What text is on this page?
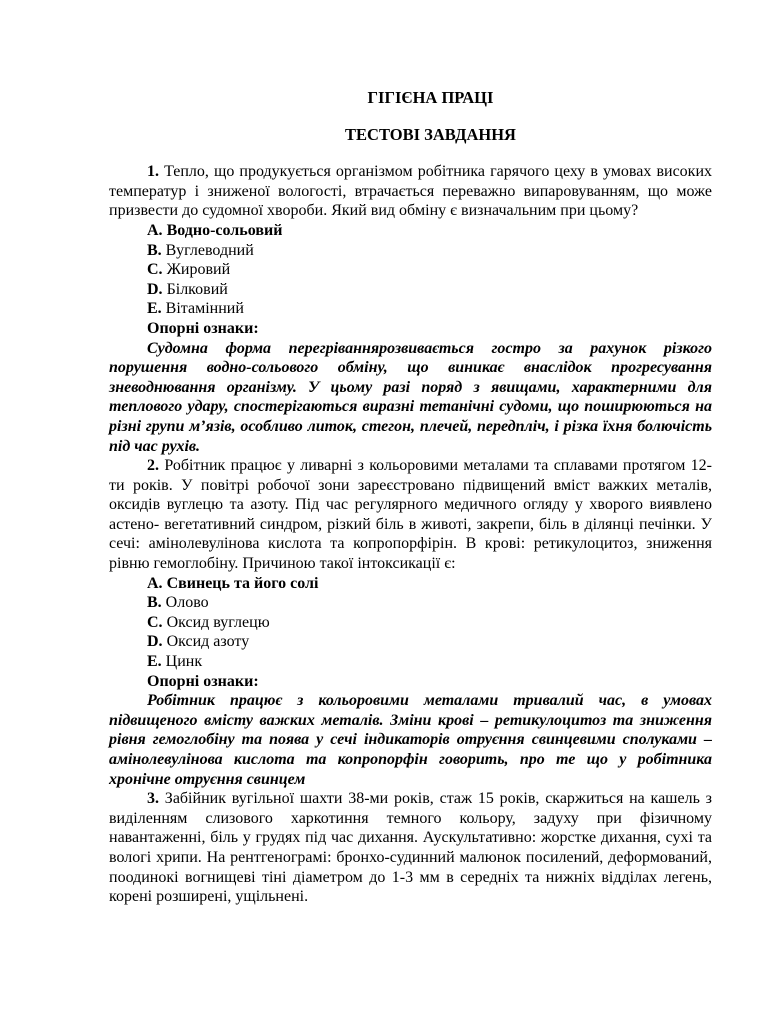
ГІГІЄНА ПРАЦІ

ТЕСТОВІ ЗАВДАННЯ

1. Тепло, що продукується організмом робітника гарячого цеху в умовах високих температур і зниженої вологості, втрачається переважно випаровуванням, що може призвести до судомної хвороби. Який вид обміну є визначальним при цьому?

А. Водно-сольовий

B. Вуглеводний

C. Жировий

D. Білковий

E. Вітамінний

Опорні ознаки:

Судомна форма перегріваннярозвивається гостро за рахунок різкого порушення водно-сольового обміну, що виникає внаслідок прогресування зневоднювання організму. У цьому разі поряд з явищами, характерними для теплового удару, спостерігаються виразні тетанічні судоми, що поширюються на різні групи м’язів, особливо литок, стегон, плечей, передпліч, і різка їхня болючість під час рухів.

2. Робітник працює у ливарні з кольоровими металами та сплавами протягом 12-ти років. У повітрі робочої зони зареєстровано підвищений вміст важких металів, оксидів вуглецю та азоту. Під час регулярного медичного огляду у хворого виявлено астено- вегетативний синдром, різкий біль в животі, закрепи, біль в ділянці печінки. У сечі: амінолевулінова кислота та копропорфірін. В крові: ретикулоцитоз, зниження рівню гемоглобіну. Причиною такої інтоксикації є:

А. Свинець та його солі

B. Олово

C. Оксид вуглецю

D. Оксид азоту

E. Цинк

Опорні ознаки:

Робітник працює з кольоровими металами тривалий час, в умовах підвищеного вмісту важких металів. Зміни крові – ретикулоцитоз та зниження рівня гемоглобіну та поява у сечі індикаторів отруєння свинцевими сполуками – амінолевулінова кислота та копропорфін говорить, про те що у робітника хронічне отруєння свинцем

3. Забійник вугільної шахти 38-ми років, стаж 15 років, скаржиться на кашель з виділенням слизового харкотиння темного кольору, задуху при фізичному навантаженні, біль у грудях під час дихання. Аускультативно: жорстке дихання, сухі та вологі хрипи. На рентгенограмі: бронхо-судинний малюнок посилений, деформований, поодинокі вогнищеві тіні діаметром до 1-3 мм в середніх та нижніх відділах легень, корені розширені, ущільнені.
